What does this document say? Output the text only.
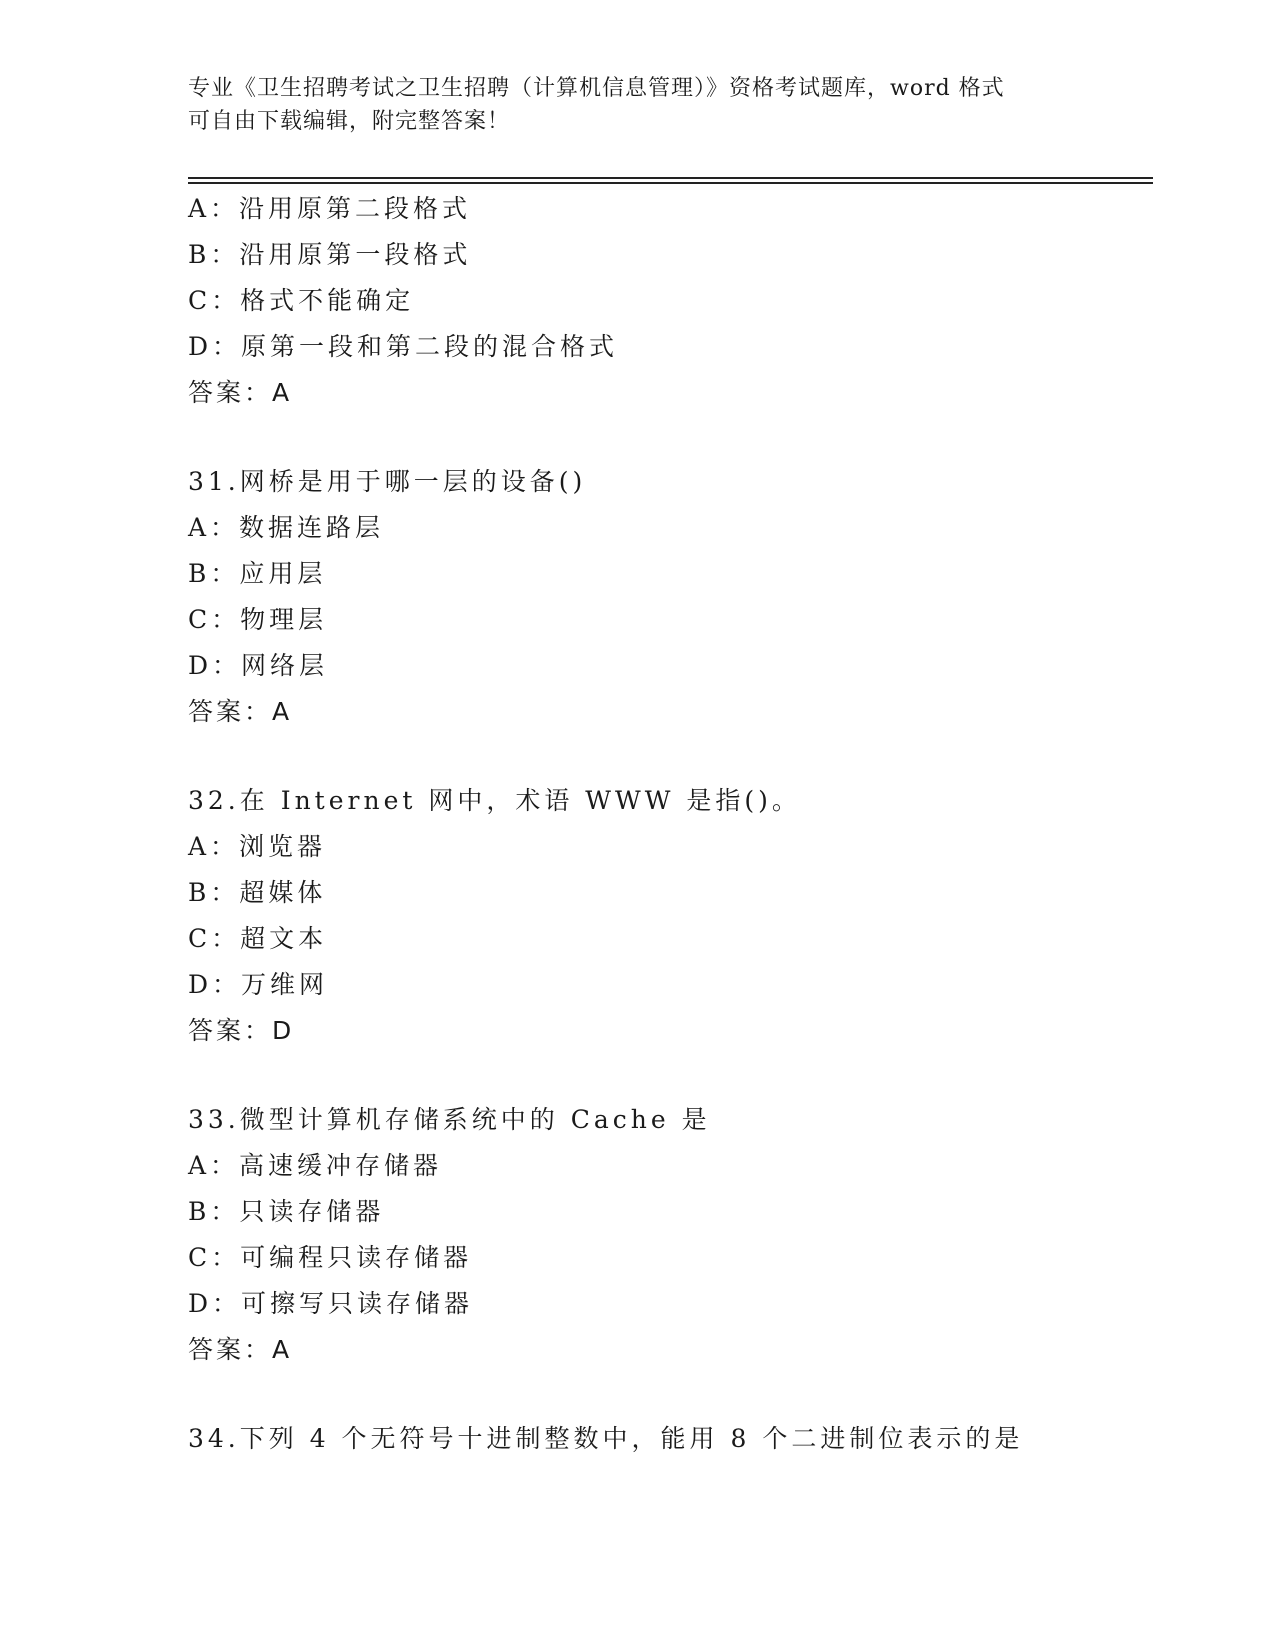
专业《卫生招聘考试之卫生招聘（计算机信息管理）》资格考试题库，word 格式
可自由下载编辑，附完整答案！
A：沿用原第二段格式
B：沿用原第一段格式
C：格式不能确定
D：原第一段和第二段的混合格式
答案：A
31.网桥是用于哪一层的设备()
A：数据连路层
B：应用层
C：物理层
D：网络层
答案：A
32.在 Internet 网中，术语 WWW 是指()。
A：浏览器
B：超媒体
C：超文本
D：万维网
答案：D
33.微型计算机存储系统中的 Cache 是
A：高速缓冲存储器
B：只读存储器
C：可编程只读存储器
D：可擦写只读存储器
答案：A
34.下列 4 个无符号十进制整数中，能用 8 个二进制位表示的是
